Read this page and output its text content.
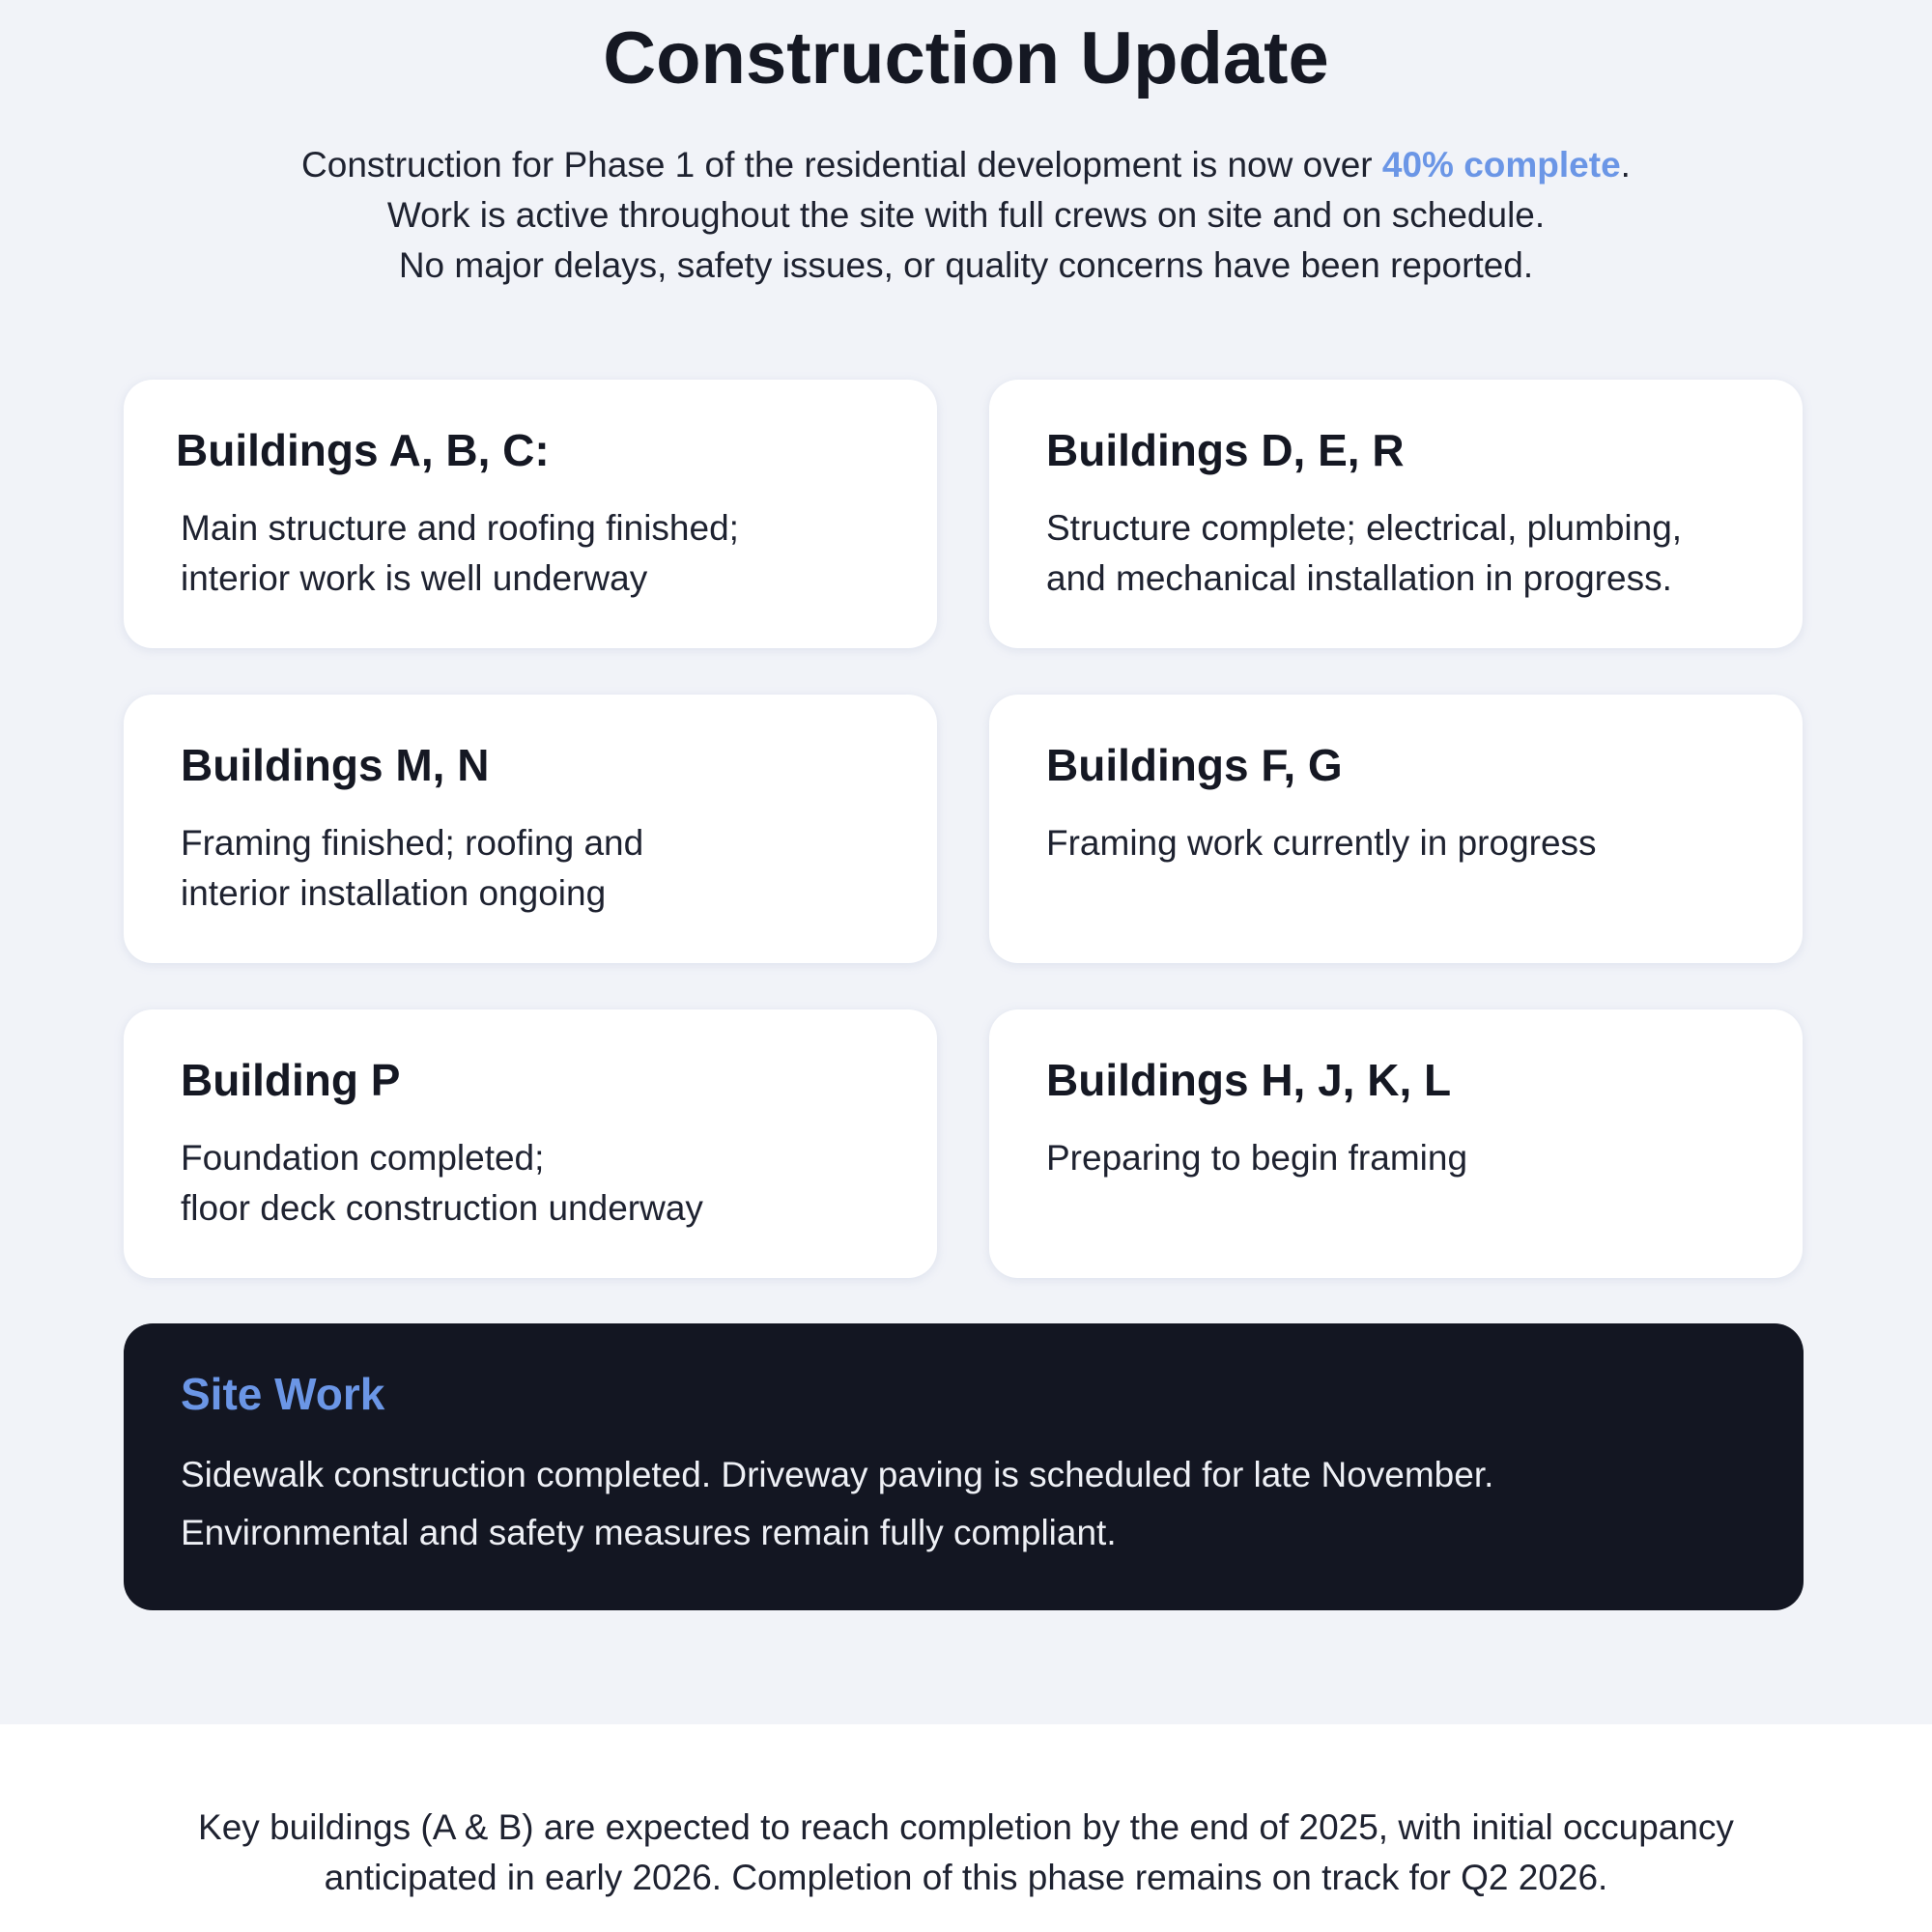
Construction Update

Construction for Phase 1 of the residential development is now over 40% complete.

Work is active throughout the site with full crews on site and on schedule.

No major delays, safety issues, or quality concerns have been reported.

Buildings A, B, C:

Main structure and roofing finished;
interior work is well underway

Buildings D, E, R

Structure complete; electrical, plumbing,
and mechanical installation in progress.

Buildings M, N

Framing finished; roofing and
interior installation ongoing

Buildings F, G

Framing work currently in progress

Building P

Foundation completed;
floor deck construction underway

Buildings H, J, K, L

Preparing to begin framing

Site Work

Sidewalk construction completed. Driveway paving is scheduled for late November.
Environmental and safety measures remain fully compliant.

Key buildings (A & B) are expected to reach completion by the end of 2025, with initial occupancy

anticipated in early 2026. Completion of this phase remains on track for Q2 2026.
